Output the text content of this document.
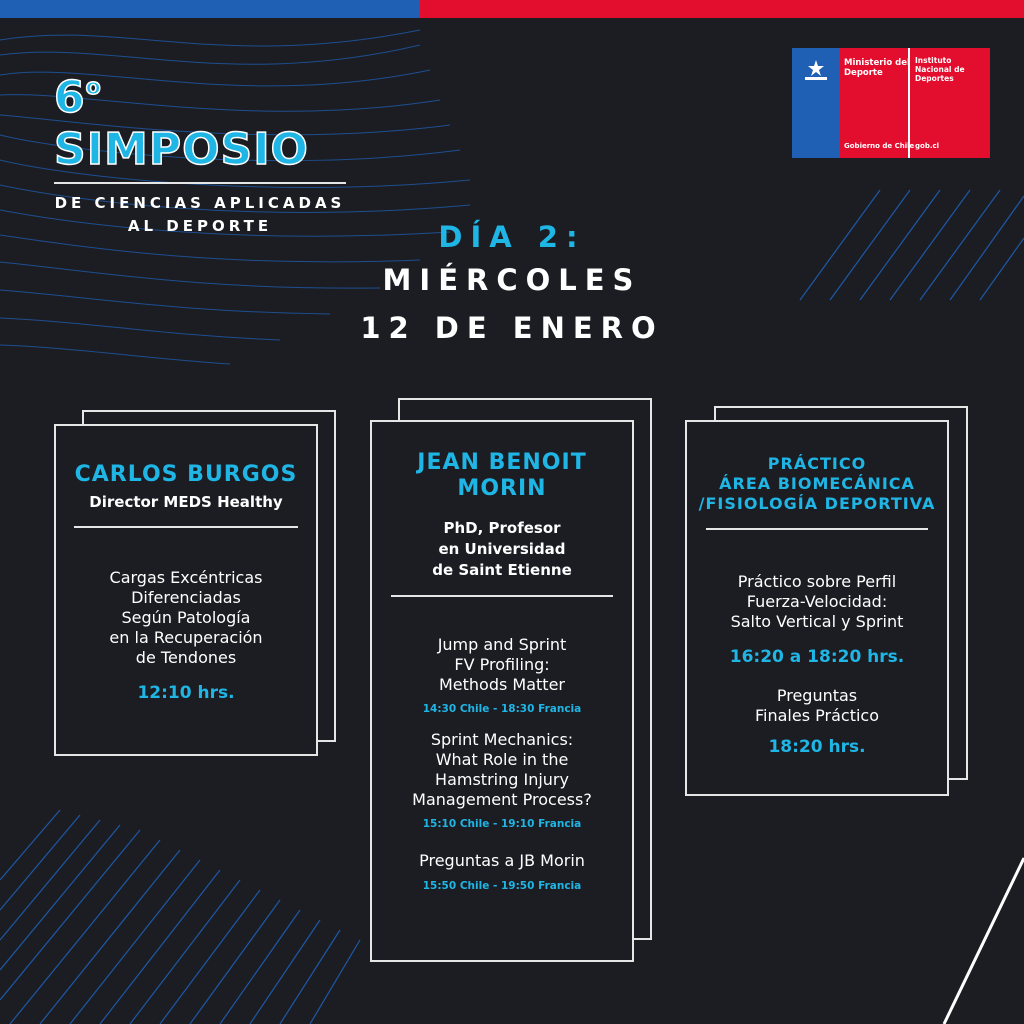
6$^o$ SIMPOSIO
DE CIENCIAS APLICADAS
AL DEPORTE
Ministerio del
Deporte
Gobierno de Chile
Instituto
Nacional de
Deportes
gob.cl
DÍA 2:
MIÉRCOLES
12 DE ENERO
CARLOS BURGOS
Director MEDS Healthy
Cargas Excéntricas
Diferenciadas
Según Patología
en la Recuperación
de Tendones
12:10 hrs.
JEAN BENOIT
MORIN
PhD, Profesor
en Universidad
de Saint Etienne
Jump and Sprint
FV Profiling:
Methods Matter
14:30 Chile - 18:30 Francia
Sprint Mechanics:
What Role in the
Hamstring Injury
Management Process?
15:10 Chile - 19:10 Francia
Preguntas a JB Morin
15:50 Chile - 19:50 Francia
PRÁCTICO
ÁREA BIOMECÁNICA
/FISIOLOGÍA DEPORTIVA
Práctico sobre Perfil
Fuerza-Velocidad:
Salto Vertical y Sprint
16:20 a 18:20 hrs.
Preguntas
Finales Práctico
18:20 hrs.
